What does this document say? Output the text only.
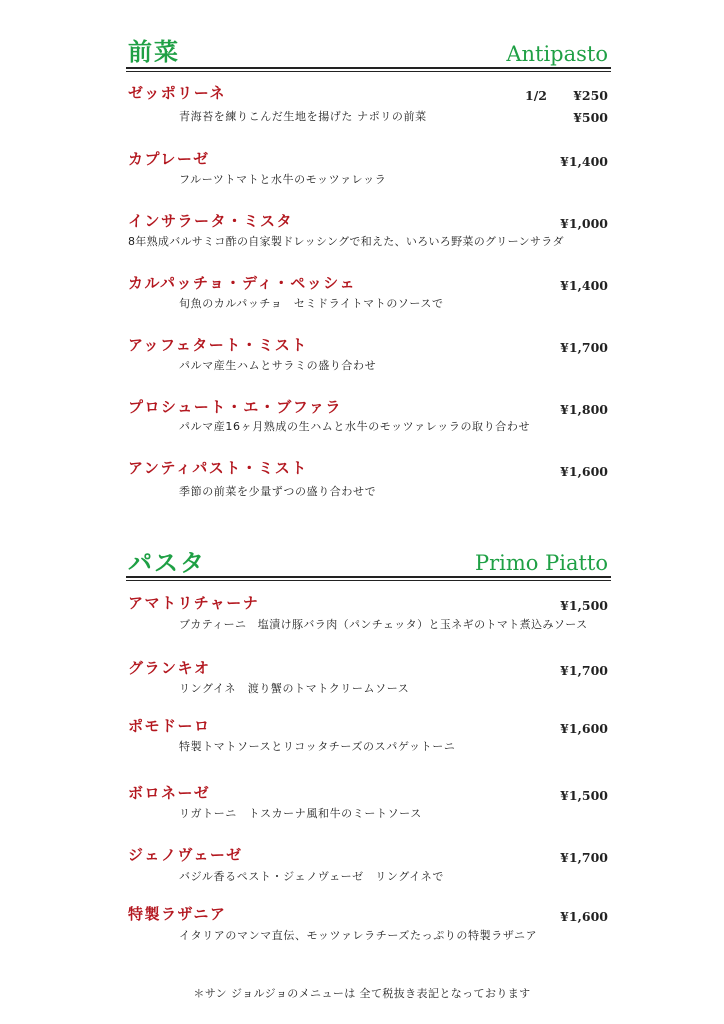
前菜	Antipasto
ゼッポリーネ	1/2 ¥250
青海苔を練りこんだ生地を揚げた ナポリの前菜	¥500
カプレーゼ	¥1,400
フルーツトマトと水牛のモッツァレッラ
インサラータ・ミスタ	¥1,000
8年熟成バルサミコ酢の自家製ドレッシングで和えた、いろいろ野菜のグリーンサラダ
カルパッチョ・ディ・ペッシェ	¥1,400
旬魚のカルパッチョ　セミドライトマトのソースで
アッフェタート・ミスト	¥1,700
パルマ産生ハムとサラミの盛り合わせ
プロシュート・エ・ブファラ	¥1,800
パルマ産16ヶ月熟成の生ハムと水牛のモッツァレッラの取り合わせ
アンティパスト・ミスト	¥1,600
季節の前菜を少量ずつの盛り合わせで
パスタ	Primo Piatto
アマトリチャーナ	¥1,500
ブカティーニ　塩漬け豚バラ肉（パンチェッタ）と玉ネギのトマト煮込みソース
グランキオ	¥1,700
リングイネ　渡り蟹のトマトクリームソース
ポモドーロ	¥1,600
特製トマトソースとリコッタチーズのスパゲットーニ
ボロネーゼ	¥1,500
リガトーニ　トスカーナ風和牛のミートソース
ジェノヴェーゼ	¥1,700
バジル香るペスト・ジェノヴェーゼ　リングイネで
特製ラザニア	¥1,600
イタリアのマンマ直伝、モッツァレラチーズたっぷりの特製ラザニア
＊サン ジョルジョのメニューは 全て税抜き表記となっております
